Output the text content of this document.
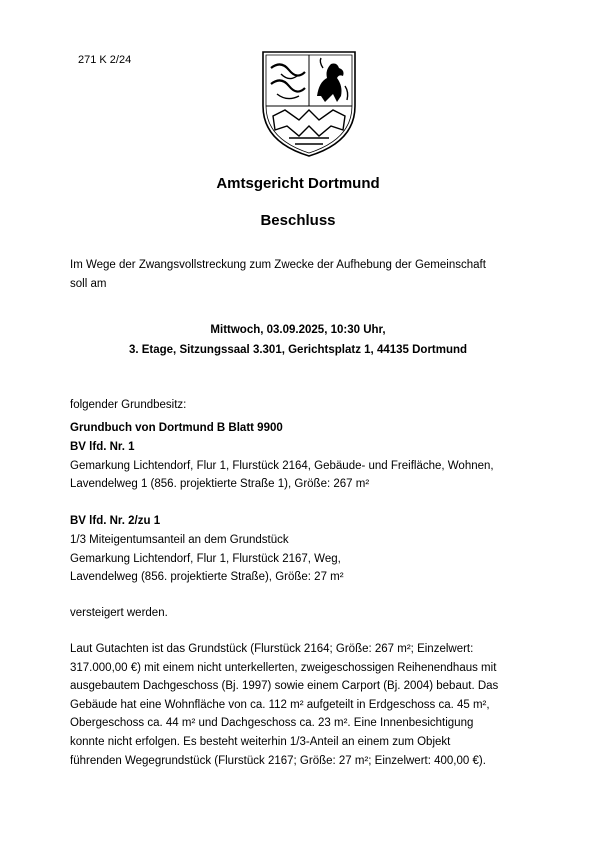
271 K 2/24
Amtsgericht Dortmund
Beschluss
Im Wege der Zwangsvollstreckung zum Zwecke der Aufhebung der Gemeinschaft
soll am
Mittwoch, 03.09.2025, 10:30 Uhr,
3. Etage, Sitzungssaal 3.301, Gerichtsplatz 1, 44135 Dortmund
folgender Grundbesitz:
Grundbuch von Dortmund B Blatt 9900
BV lfd. Nr. 1
Gemarkung Lichtendorf, Flur 1, Flurstück 2164, Gebäude- und Freifläche, Wohnen,
Lavendelweg 1 (856. projektierte Straße 1), Größe: 267 m²
BV lfd. Nr. 2/zu 1
1/3 Miteigentumsanteil an dem Grundstück
Gemarkung Lichtendorf, Flur 1, Flurstück 2167, Weg,
Lavendelweg (856. projektierte Straße), Größe: 27 m²
versteigert werden.
Laut Gutachten ist das Grundstück (Flurstück 2164; Größe: 267 m²; Einzelwert:
317.000,00 €) mit einem nicht unterkellerten, zweigeschossigen Reihenendhaus mit
ausgebautem Dachgeschoss (Bj. 1997) sowie einem Carport (Bj. 2004) bebaut. Das
Gebäude hat eine Wohnfläche von ca. 112 m² aufgeteilt in Erdgeschoss ca. 45 m²,
Obergeschoss ca. 44 m² und Dachgeschoss ca. 23 m². Eine Innenbesichtigung
konnte nicht erfolgen. Es besteht weiterhin 1/3-Anteil an einem zum Objekt
führenden Wegegrundstück (Flurstück 2167; Größe: 27 m²; Einzelwert: 400,00 €).
